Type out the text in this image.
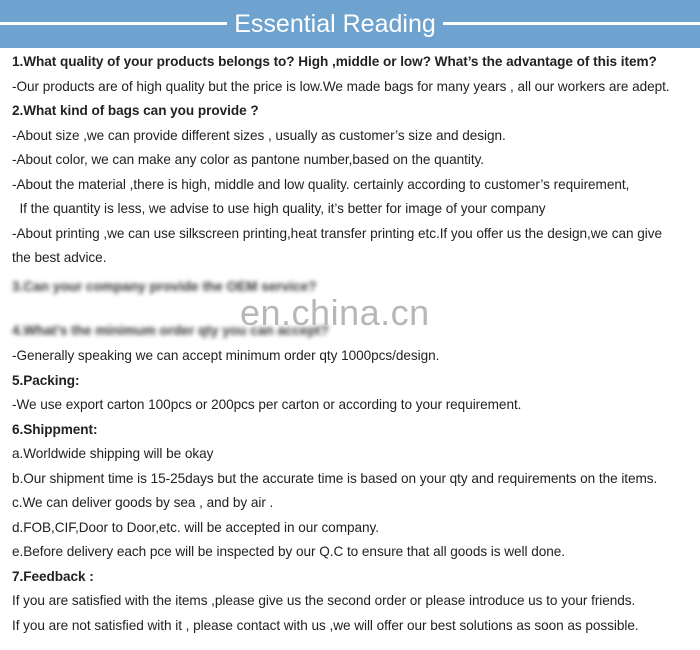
Essential Reading
1.What quality of your products belongs to? High ,middle or low? What’s the advantage of this item?
-Our products are of high quality but the price is low.We made bags for many years , all our workers are adept.
2.What kind of bags can you provide ?
-About size ,we can provide different sizes , usually as customer’s size and design.
-About color, we can make any color as pantone number,based on the quantity.
-About the material ,there is high, middle and low quality. certainly according to customer’s requirement,
If the quantity is less, we advise to use high quality, it’s better for image of your company
-About printing ,we can use silkscreen printing,heat transfer printing etc.If you offer us the design,we can give
the best advice.
3.Can your company provide the OEM service?
4.What’s the minimum order qty you can accept?
en.china.cn
-Generally speaking we can accept minimum order qty 1000pcs/design.
5.Packing:
-We use export carton 100pcs or 200pcs per carton or according to your requirement.
6.Shippment:
a.Worldwide shipping will be okay
b.Our shipment time is 15-25days but the accurate time is based on your qty and requirements on the items.
c.We can deliver goods by sea , and by air .
d.FOB,CIF,Door to Door,etc. will be accepted in our company.
e.Before delivery each pce will be inspected by our Q.C to ensure that all goods is well done.
7.Feedback :
If you are satisfied with the items ,please give us the second order or please introduce us to your friends.
If you are not satisfied with it , please contact with us ,we will offer our best solutions as soon as possible.
